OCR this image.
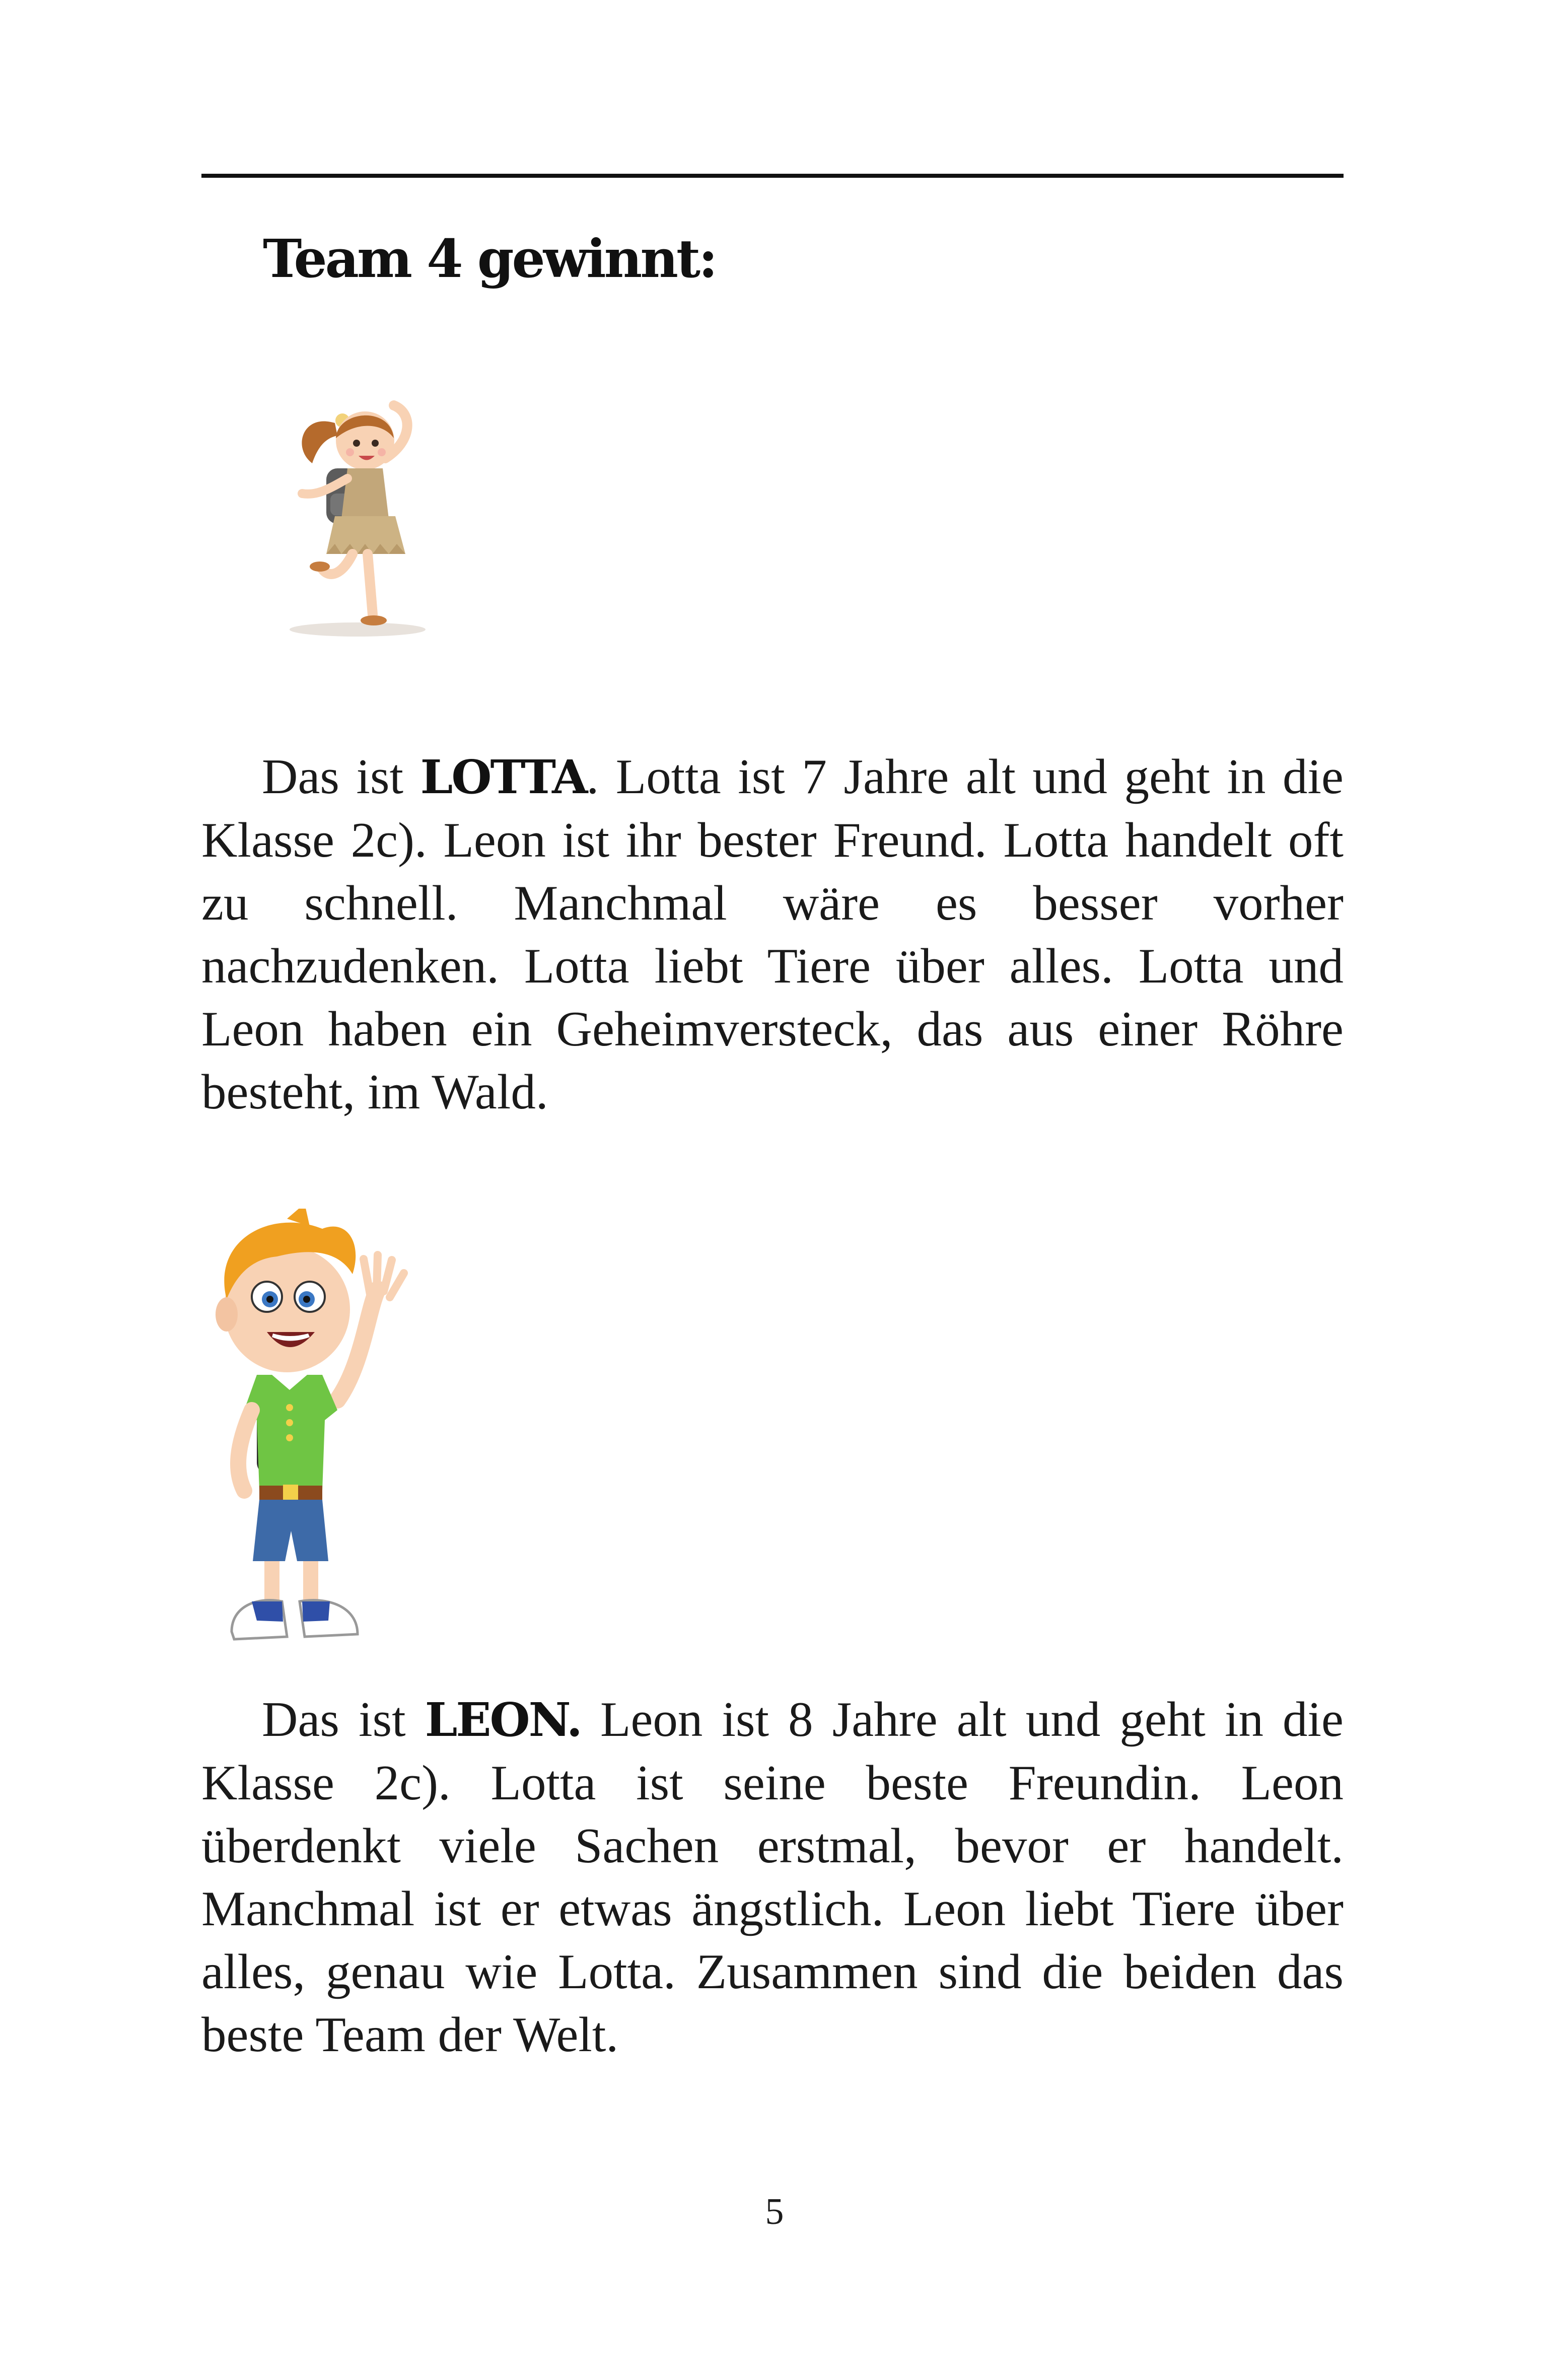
Team 4 gewinnt:

Das ist LOTTA. Lotta ist 7 Jahre alt und geht in die Klasse 2c). Leon ist ihr bester Freund. Lotta handelt oft zu schnell. Manchmal wäre es besser vorher nachzudenken. Lotta liebt Tiere über alles. Lotta und Leon haben ein Geheimversteck, das aus einer Röhre besteht, im Wald.

Das ist LEON. Leon ist 8 Jahre alt und geht in die Klasse 2c). Lotta ist seine beste Freundin. Leon überdenkt viele Sachen erstmal, bevor er handelt. Manchmal ist er etwas ängstlich. Leon liebt Tiere über alles, genau wie Lotta. Zusammen sind die beiden das beste Team der Welt.

5
